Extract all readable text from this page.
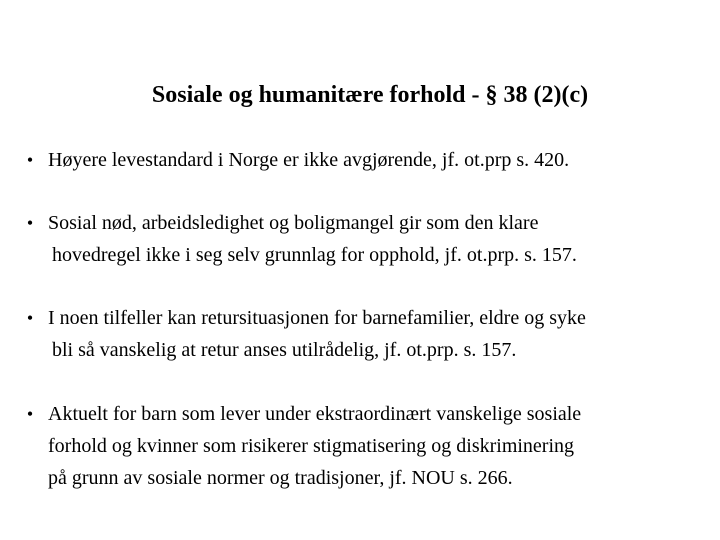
Sosiale og humanitære forhold - § 38 (2)(c)
• Høyere levestandard i Norge er ikke avgjørende, jf. ot.prp s. 420.
• Sosial nød, arbeidsledighet og boligmangel gir som den klare
hovedregel ikke i seg selv grunnlag for opphold, jf. ot.prp. s. 157.
• I noen tilfeller kan retursituasjonen for barnefamilier, eldre og syke
bli så vanskelig at retur anses utilrådelig, jf. ot.prp. s. 157.
• Aktuelt for barn som lever under ekstraordinært vanskelige sosiale
forhold og kvinner som risikerer stigmatisering og diskriminering
på grunn av sosiale normer og tradisjoner, jf. NOU s. 266.
